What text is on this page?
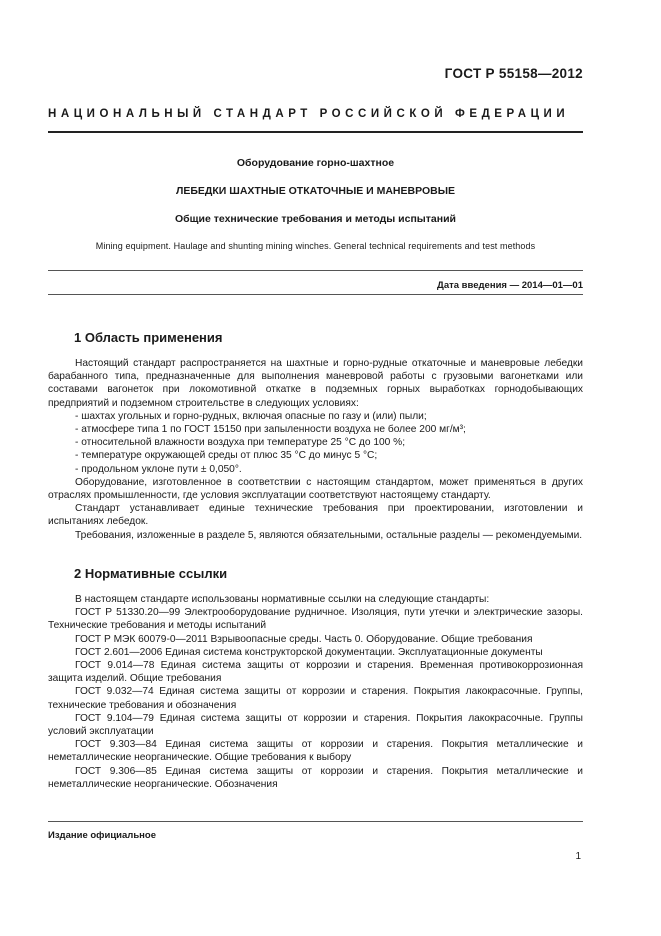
ГОСТ Р 55158—2012
НАЦИОНАЛЬНЫЙ СТАНДАРТ РОССИЙСКОЙ ФЕДЕРАЦИИ
Оборудование горно-шахтное
ЛЕБЕДКИ ШАХТНЫЕ ОТКАТОЧНЫЕ И МАНЕВРОВЫЕ
Общие технические требования и методы испытаний
Mining equipment. Haulage and shunting mining winches. General technical requirements and test methods
Дата введения — 2014—01—01
1 Область применения

Настоящий стандарт распространяется на шахтные и горно-рудные откаточные и маневровые лебедки барабанного типа, предназначенные для выполнения маневровой работы с грузовыми вагонетками или составами вагонеток при локомотивной откатке в подземных горных выработках горнодобывающих предприятий и подземном строительстве в следующих условиях:

- шахтах угольных и горно-рудных, включая опасные по газу и (или) пыли;

- атмосфере типа 1 по ГОСТ 15150 при запыленности воздуха не более 200 мг/м³;

- относительной влажности воздуха при температуре 25 °С до 100 %;

- температуре окружающей среды от плюс 35 °С до минус 5 °С;

- продольном уклоне пути ± 0,050°.

Оборудование, изготовленное в соответствии с настоящим стандартом, может применяться в других отраслях промышленности, где условия эксплуатации соответствуют настоящему стандарту.

Стандарт устанавливает единые технические требования при проектировании, изготовлении и испытаниях лебедок.

Требования, изложенные в разделе 5, являются обязательными, остальные разделы — рекомендуемыми.

2 Нормативные ссылки

В настоящем стандарте использованы нормативные ссылки на следующие стандарты:

ГОСТ Р 51330.20—99 Электрооборудование рудничное. Изоляция, пути утечки и электрические зазоры. Технические требования и методы испытаний

ГОСТ Р МЭК 60079-0—2011 Взрывоопасные среды. Часть 0. Оборудование. Общие требования

ГОСТ 2.601—2006 Единая система конструкторской документации. Эксплуатационные документы

ГОСТ 9.014—78 Единая система защиты от коррозии и старения. Временная противокоррозионная защита изделий. Общие требования

ГОСТ 9.032—74 Единая система защиты от коррозии и старения. Покрытия лакокрасочные. Группы, технические требования и обозначения

ГОСТ 9.104—79 Единая система защиты от коррозии и старения. Покрытия лакокрасочные. Группы условий эксплуатации

ГОСТ 9.303—84 Единая система защиты от коррозии и старения. Покрытия металлические и неметаллические неорганические. Общие требования к выбору

ГОСТ 9.306—85 Единая система защиты от коррозии и старения. Покрытия металлические и неметаллические неорганические. Обозначения

Издание официальное
1
